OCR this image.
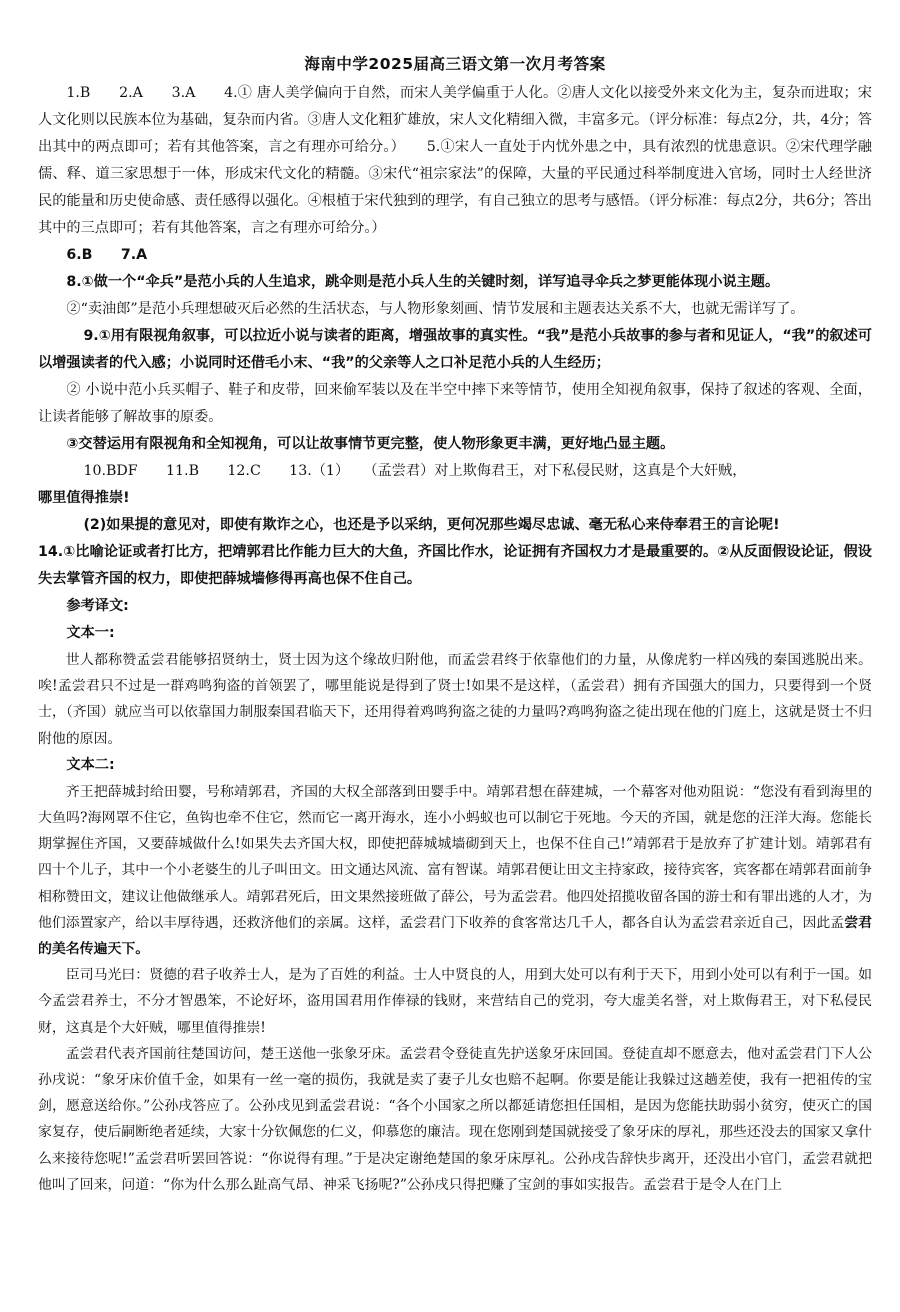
海南中学2025届高三语文第一次月考答案

1.B　　2.A　　3.A　　4.① 唐人美学偏向于自然，而宋人美学偏重于人化。②唐人文化以接受外来文化为主，复杂而进取；宋人文化则以民族本位为基础，复杂而内省。③唐人文化粗犷雄放，宋人文化精细入微，丰富多元。（评分标准：每点2分，共，4分；答出其中的两点即可；若有其他答案，言之有理亦可给分。）　　5.①宋人一直处于内忧外患之中，具有浓烈的忧患意识。②宋代理学融儒、释、道三家思想于一体，形成宋代文化的精髓。③宋代“祖宗家法”的保障，大量的平民通过科举制度进入官场，同时士人经世济民的能量和历史使命感、责任感得以强化。④根植于宋代独到的理学，有自己独立的思考与感悟。（评分标准：每点2分，共6分；答出其中的三点即可；若有其他答案，言之有理亦可给分。）

6.B　　7.A

8.①做一个“伞兵”是范小兵的人生追求，跳伞则是范小兵人生的关键时刻，详写追寻伞兵之梦更能体现小说主题。

②“卖油郎”是范小兵理想破灭后必然的生活状态，与人物形象刻画、情节发展和主题表达关系不大，也就无需详写了。

9.①用有限视角叙事，可以拉近小说与读者的距离，增强故事的真实性。“我”是范小兵故事的参与者和见证人，“我”的叙述可以增强读者的代入感；小说同时还借毛小末、“我”的父亲等人之口补足范小兵的人生经历；

② 小说中范小兵买帽子、鞋子和皮带，回来偷军装以及在半空中摔下来等情节，使用全知视角叙事，保持了叙述的客观、全面，让读者能够了解故事的原委。

③交替运用有限视角和全知视角，可以让故事情节更完整，使人物形象更丰满，更好地凸显主题。

10.BDF　　11.B　　12.C　　13.（1）　　（孟尝君）对上欺侮君王，对下私侵民财，这真是个大奸贼，

哪里值得推崇!

(2)如果提的意见对，即使有欺诈之心，也还是予以采纳，更何况那些竭尽忠诚、毫无私心来侍奉君王的言论呢!

14.①比喻论证或者打比方，把靖郭君比作能力巨大的大鱼，齐国比作水，论证拥有齐国权力才是最重要的。②从反面假设论证，假设失去掌管齐国的权力，即使把薛城墙修得再高也保不住自己。

参考译文:

文本一:

世人都称赞孟尝君能够招贤纳士，贤士因为这个缘故归附他，而孟尝君终于依靠他们的力量，从像虎豹一样凶残的秦国逃脱出来。唉!孟尝君只不过是一群鸡鸣狗盗的首领罢了，哪里能说是得到了贤士!如果不是这样，（孟尝君）拥有齐国强大的国力，只要得到一个贤士，（齐国）就应当可以依靠国力制服秦国君临天下，还用得着鸡鸣狗盗之徒的力量吗?鸡鸣狗盗之徒出现在他的门庭上，这就是贤士不归附他的原因。

文本二:

齐王把薛城封给田婴，号称靖郭君，齐国的大权全部落到田婴手中。靖郭君想在薛建城，一个幕客对他劝阻说：“您没有看到海里的大鱼吗?海网罩不住它，鱼钩也牵不住它，然而它一离开海水，连小小蚂蚁也可以制它于死地。今天的齐国，就是您的汪洋大海。您能长期掌握住齐国，又要薛城做什么!如果失去齐国大权，即使把薛城城墙砌到天上，也保不住自己!”靖郭君于是放弃了扩建计划。靖郭君有四十个儿子，其中一个小老婆生的儿子叫田文。田文通达风流、富有智谋。靖郭君便让田文主持家政，接待宾客，宾客都在靖郭君面前争相称赞田文，建议让他做继承人。靖郭君死后，田文果然接班做了薛公，号为孟尝君。他四处招揽收留各国的游士和有罪出逃的人才，为他们添置家产，给以丰厚待遇，还救济他们的亲属。这样，孟尝君门下收养的食客常达几千人，都各自认为孟尝君亲近自己，因此孟尝君的美名传遍天下。

臣司马光曰：贤德的君子收养士人，是为了百姓的利益。士人中贤良的人，用到大处可以有利于天下，用到小处可以有利于一国。如今孟尝君养士，不分才智愚笨，不论好坏，盗用国君用作俸禄的钱财，来营结自己的党羽，夸大虚美名誉，对上欺侮君王，对下私侵民财，这真是个大奸贼，哪里值得推崇!

孟尝君代表齐国前往楚国访问，楚王送他一张象牙床。孟尝君令登徒直先护送象牙床回国。登徒直却不愿意去，他对孟尝君门下人公孙戌说：“象牙床价值千金，如果有一丝一毫的损伤，我就是卖了妻子儿女也赔不起啊。你要是能让我躲过这趟差使，我有一把祖传的宝剑，愿意送给你。”公孙戌答应了。公孙戌见到孟尝君说：“各个小国家之所以都延请您担任国相，是因为您能扶助弱小贫穷，使灭亡的国家复存，使后嗣断绝者延续，大家十分钦佩您的仁义，仰慕您的廉洁。现在您刚到楚国就接受了象牙床的厚礼，那些还没去的国家又拿什么来接待您呢!”孟尝君听罢回答说：“你说得有理。”于是决定谢绝楚国的象牙床厚礼。公孙戌告辞快步离开，还没出小官门，孟尝君就把他叫了回来，问道：“你为什么那么趾高气昂、神采飞扬呢?”公孙戌只得把赚了宝剑的事如实报告。孟尝君于是令人在门上
